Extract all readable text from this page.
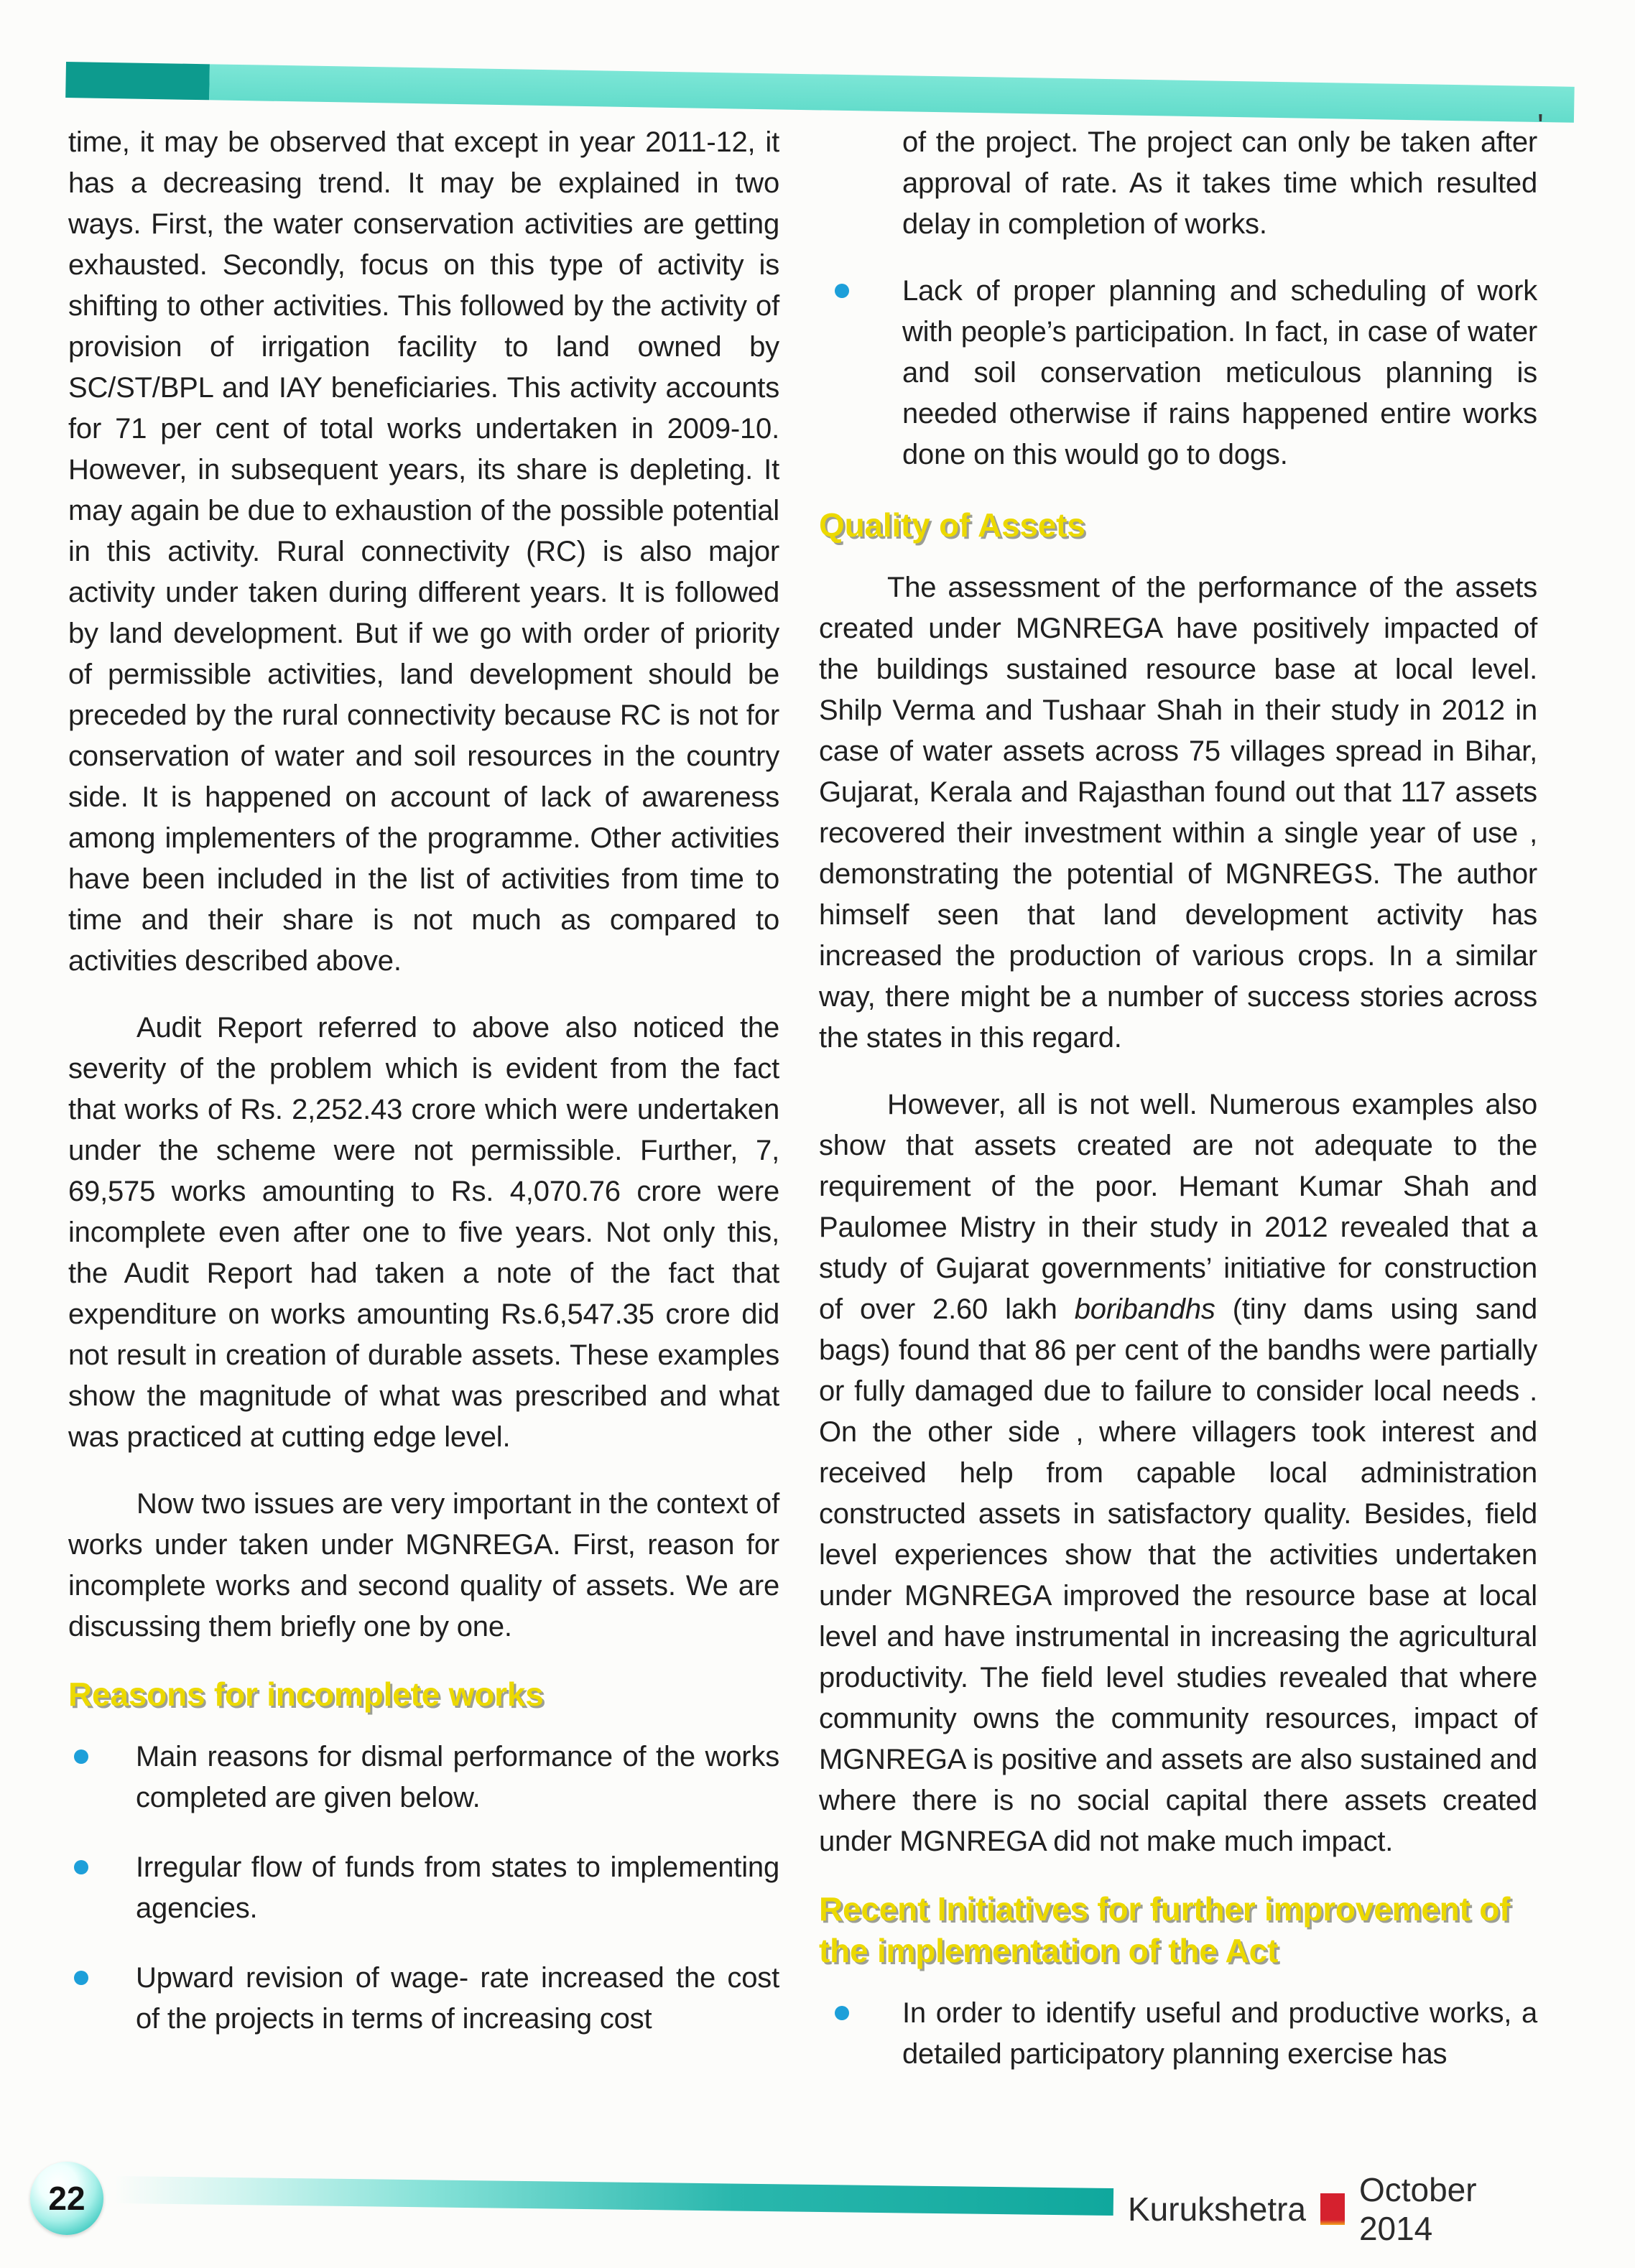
'

time, it may be observed that except in year 2011-12, it has a decreasing trend. It may be explained in two ways. First, the water conservation activities are getting exhausted. Secondly, focus on this type of activity is shifting to other activities. This followed by the activity of provision of irrigation facility to land owned by SC/ST/BPL and IAY beneficiaries. This activity accounts for 71 per cent of total works undertaken in 2009-10. However, in subsequent years, its share is depleting. It may again be due to exhaustion of the possible potential in this activity. Rural connectivity (RC) is also major activity under taken during different years. It is followed by land development. But if we go with order of priority of permissible activities, land development should be preceded by the rural connectivity because RC is not for conservation of water and soil resources in the country side. It is happened on account of lack of awareness among implementers of the programme. Other activities have been included in the list of activities from time to time and their share is not much as compared to activities described above.

Audit Report referred to above also noticed the severity of the problem which is evident from the fact that works of Rs. 2,252.43 crore which were undertaken under the scheme were not permissible. Further, 7, 69,575 works amounting to Rs. 4,070.76 crore were incomplete even after one to five years. Not only this, the Audit Report had taken a note of the fact that expenditure on works amounting Rs.6,547.35 crore did not result in creation of durable assets. These examples show the magnitude of what was prescribed and what was practiced at cutting edge level.

Now two issues are very important in the context of works under taken under MGNREGA. First, reason for incomplete works and second quality of assets. We are discussing them briefly one by one.

Reasons for incomplete works

Main reasons for dismal performance of the works completed are given below.

Irregular flow of funds from states to implementing agencies.

Upward revision of wage- rate increased the cost of the projects in terms of increasing cost

of the project. The project can only be taken after approval of rate. As it takes time which resulted delay in completion of works.

Lack of proper planning and scheduling of work with people’s participation. In fact, in case of water and soil conservation meticulous planning is needed otherwise if rains happened entire works done on this would go to dogs.

Quality of Assets

The assessment of the performance of the assets created under MGNREGA have positively impacted of the buildings sustained resource base at local level. Shilp Verma and Tushaar Shah in their study in 2012 in case of water assets across 75 villages spread in Bihar, Gujarat, Kerala and Rajasthan found out that 117 assets recovered their investment within a single year of use , demonstrating the potential of MGNREGS. The author himself seen that land development activity has increased the production of various crops. In a similar way, there might be a number of success stories across the states in this regard.

However, all is not well. Numerous examples also show that assets created are not adequate to the requirement of the poor. Hemant Kumar Shah and Paulomee Mistry in their study in 2012 revealed that a study of Gujarat governments’ initiative for construction of over 2.60 lakh boribandhs (tiny dams using sand bags) found that 86 per cent of the bandhs were partially or fully damaged due to failure to consider local needs . On the other side , where villagers took interest and received help from capable local administration constructed assets in satisfactory quality. Besides, field level experiences show that the activities undertaken under MGNREGA improved the resource base at local level and have instrumental in increasing the agricultural productivity. The field level studies revealed that where community owns the community resources, impact of MGNREGA is positive and assets are also sustained and where there is no social capital there assets created under MGNREGA did not make much impact.

Recent Initiatives for further improvement of the implementation of the Act

In order to identify useful and productive works, a detailed participatory planning exercise has

22	Kurukshetra
October 2014
